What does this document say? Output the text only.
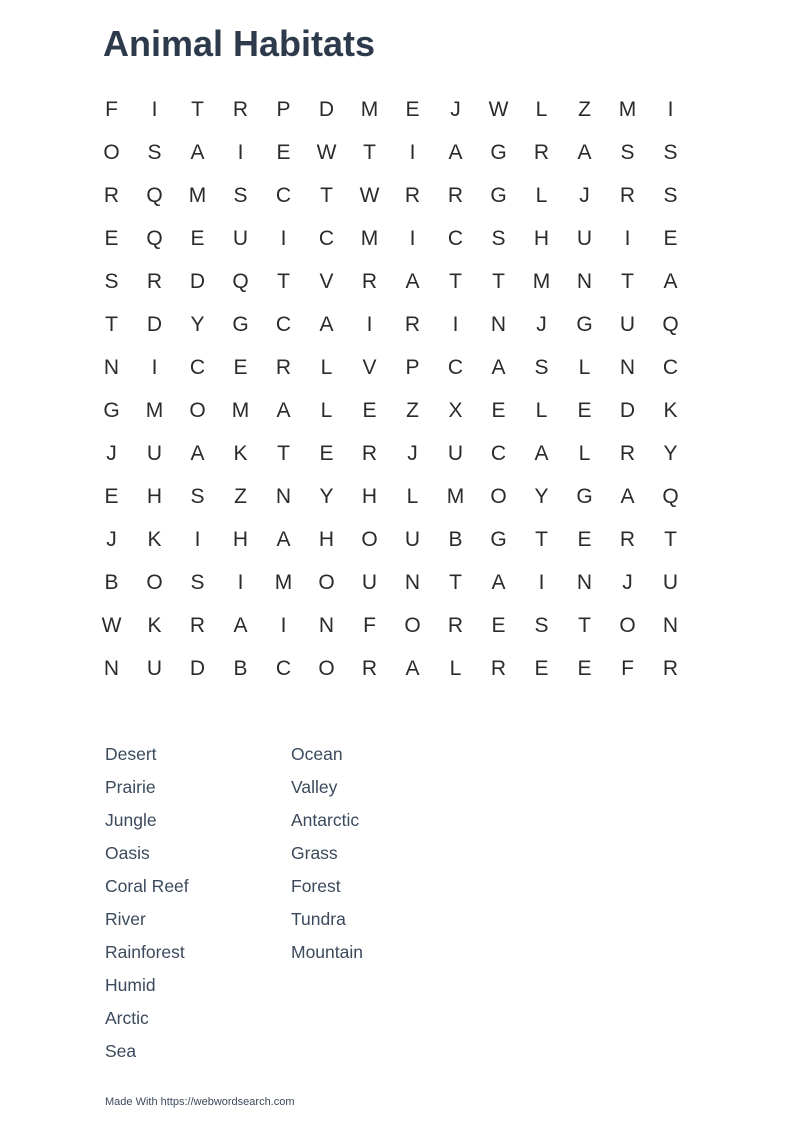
Animal Habitats
F	I	T	R	P	D	M	E	J	W	L	Z	M	I
O	S	A	I	E	W	T	I	A	G	R	A	S	S
R	Q	M	S	C	T	W	R	R	G	L	J	R	S
E	Q	E	U	I	C	M	I	C	S	H	U	I	E
S	R	D	Q	T	V	R	A	T	T	M	N	T	A
T	D	Y	G	C	A	I	R	I	N	J	G	U	Q
N	I	C	E	R	L	V	P	C	A	S	L	N	C
G	M	O	M	A	L	E	Z	X	E	L	E	D	K
J	U	A	K	T	E	R	J	U	C	A	L	R	Y
E	H	S	Z	N	Y	H	L	M	O	Y	G	A	Q
J	K	I	H	A	H	O	U	B	G	T	E	R	T
B	O	S	I	M	O	U	N	T	A	I	N	J	U
W	K	R	A	I	N	F	O	R	E	S	T	O	N
N	U	D	B	C	O	R	A	L	R	E	E	F	R
Desert
Prairie
Jungle
Oasis
Coral Reef
River
Rainforest
Humid
Arctic
Sea
Ocean
Valley
Antarctic
Grass
Forest
Tundra
Mountain
Made With https://webwordsearch.com
